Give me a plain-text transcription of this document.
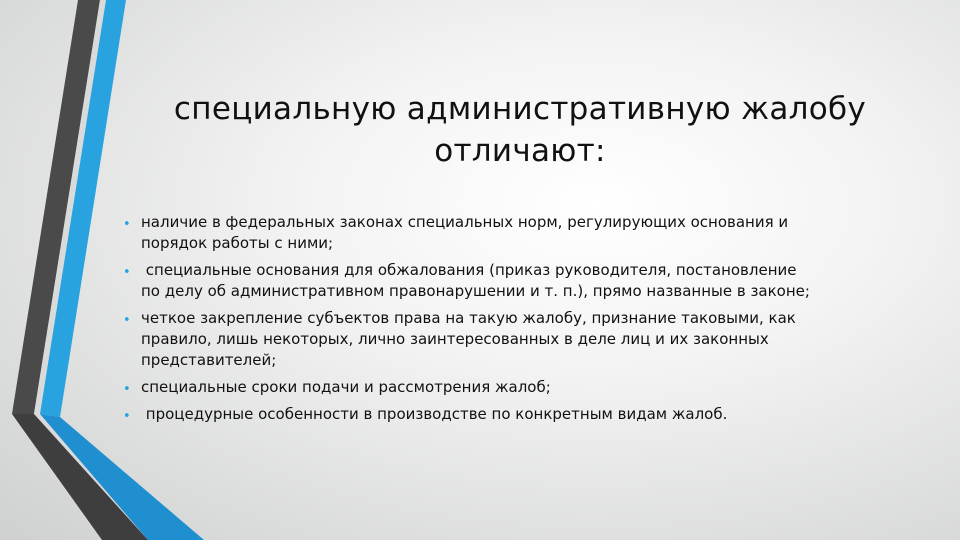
специальную административную жалобу
отличают:
• наличие в федеральных законах специальных норм, регулирующих основания и
порядок работы с ними;
• специальные основания для обжалования (приказ руководителя, постановление
по делу об административном правонарушении и т. п.), прямо названные в законе;
• четкое закрепление субъектов права на такую жалобу, признание таковыми, как
правило, лишь некоторых, лично заинтересованных в деле лиц и их законных
представителей;
• специальные сроки подачи и рассмотрения жалоб;
• процедурные особенности в производстве по конкретным видам жалоб.
